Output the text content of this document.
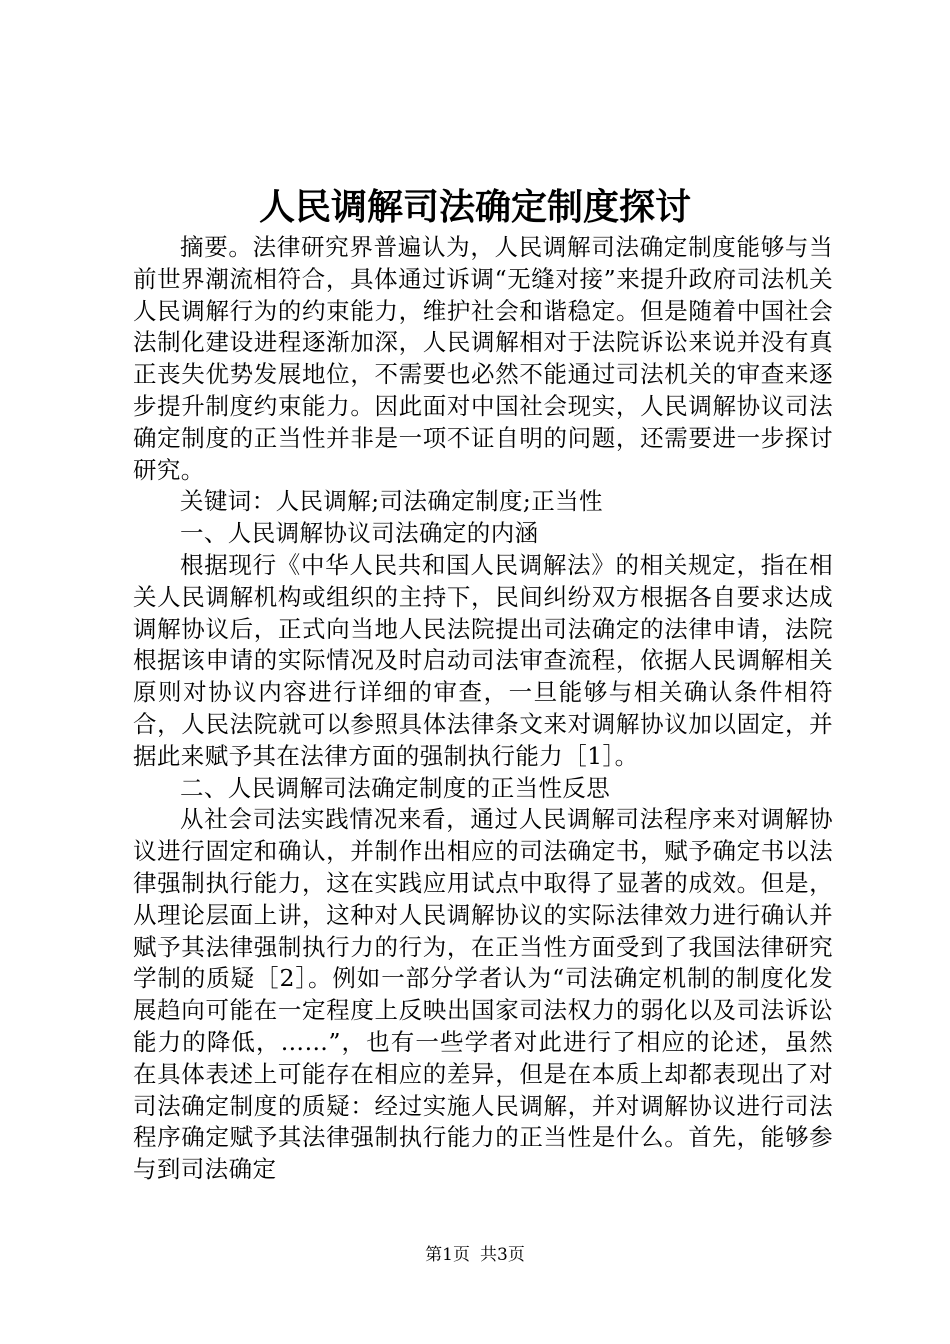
人民调解司法确定制度探讨

摘要。法律研究界普遍认为，人民调解司法确定制度能够与当前世界潮流相符合，具体通过诉调“无缝对接”来提升政府司法机关人民调解行为的约束能力，维护社会和谐稳定。但是随着中国社会法制化建设进程逐渐加深，人民调解相对于法院诉讼来说并没有真正丧失优势发展地位，不需要也必然不能通过司法机关的审查来逐步提升制度约束能力。因此面对中国社会现实，人民调解协议司法确定制度的正当性并非是一项不证自明的问题，还需要进一步探讨研究。

关键词：人民调解;司法确定制度;正当性

一、人民调解协议司法确定的内涵

根据现行《中华人民共和国人民调解法》的相关规定，指在相关人民调解机构或组织的主持下，民间纠纷双方根据各自要求达成调解协议后，正式向当地人民法院提出司法确定的法律申请，法院根据该申请的实际情况及时启动司法审查流程，依据人民调解相关原则对协议内容进行详细的审查，一旦能够与相关确认条件相符合，人民法院就可以参照具体法律条文来对调解协议加以固定，并据此来赋予其在法律方面的强制执行能力［1］。

二、人民调解司法确定制度的正当性反思

从社会司法实践情况来看，通过人民调解司法程序来对调解协议进行固定和确认，并制作出相应的司法确定书，赋予确定书以法律强制执行能力，这在实践应用试点中取得了显著的成效。但是，从理论层面上讲，这种对人民调解协议的实际法律效力进行确认并赋予其法律强制执行力的行为，在正当性方面受到了我国法律研究学制的质疑［2］。例如一部分学者认为“司法确定机制的制度化发展趋向可能在一定程度上反映出国家司法权力的弱化以及司法诉讼能力的降低，……”，也有一些学者对此进行了相应的论述，虽然在具体表述上可能存在相应的差异，但是在本质上却都表现出了对司法确定制度的质疑：经过实施人民调解，并对调解协议进行司法程序确定赋予其法律强制执行能力的正当性是什么。首先，能够参与到司法确定

第1页 共3页
